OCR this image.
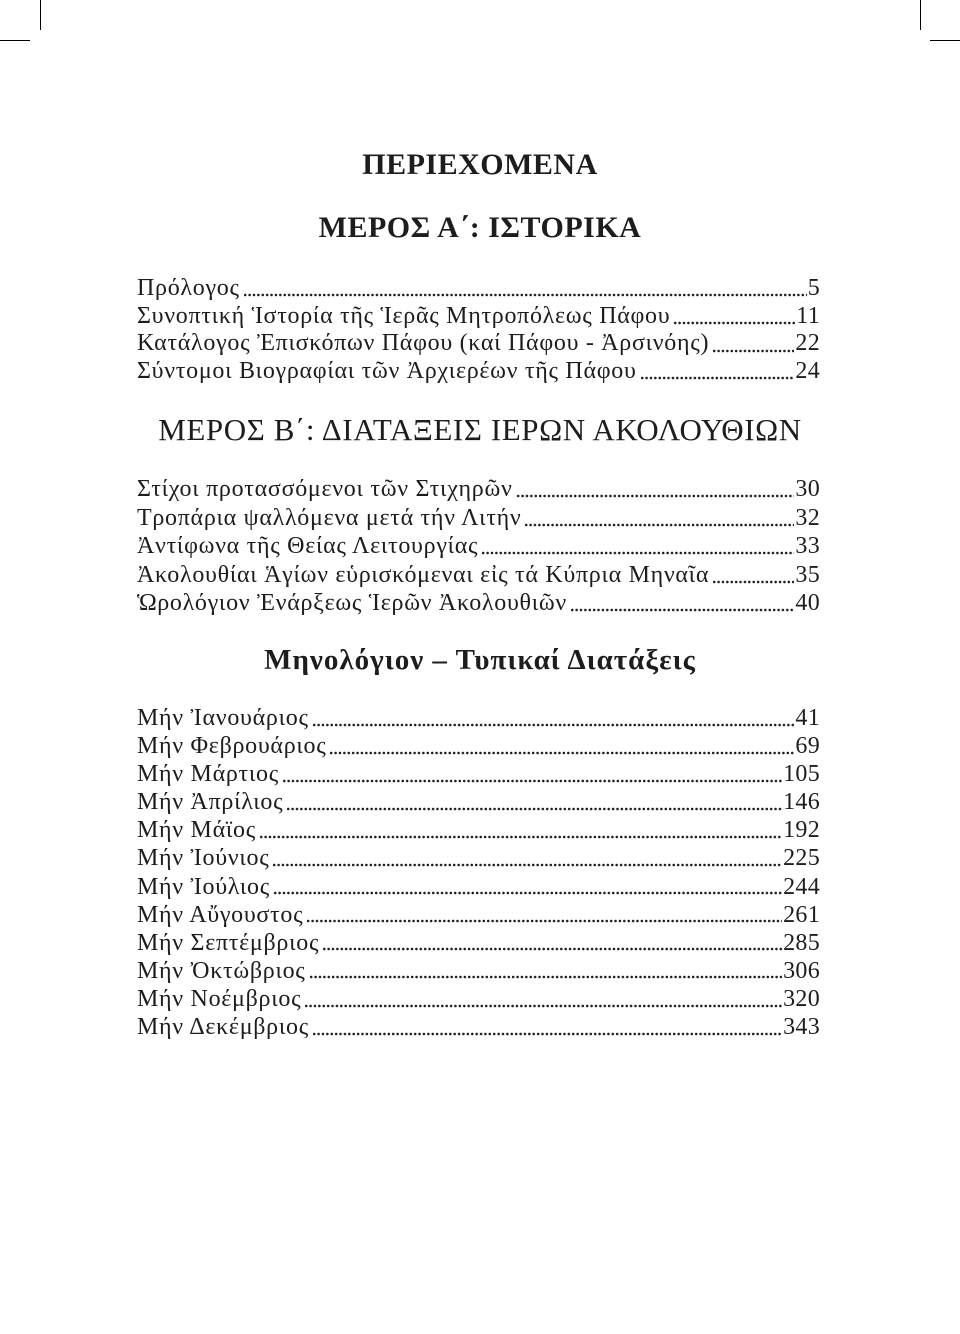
ΠΕΡΙΕΧΟΜΕΝΑ
ΜΕΡΟΣ Α΄: ΙΣΤΟΡΙΚΑ
Πρόλογος	5
Συνοπτική Ἱστορία τῆς Ἱερᾶς Μητροπόλεως Πάφου	11
Κατάλογος Ἐπισκόπων Πάφου (καί Πάφου - Ἀρσινόης)	22
Σύντομοι Βιογραφίαι τῶν Ἀρχιερέων τῆς Πάφου	24
ΜΕΡΟΣ Β΄: ΔΙΑΤΑΞΕΙΣ ΙΕΡΩΝ ΑΚΟΛΟΥΘΙΩΝ
Στίχοι προτασσόμενοι τῶν Στιχηρῶν	30
Τροπάρια ψαλλόμενα μετά τήν Λιτήν	32
Ἀντίφωνα τῆς Θείας Λειτουργίας	33
Ἀκολουθίαι Ἁγίων εὑρισκόμεναι εἰς τά Κύπρια Μηναῖα	35
Ὡρολόγιον Ἐνάρξεως Ἱερῶν Ἀκολουθιῶν	40
Μηνολόγιον – Τυπικαί Διατάξεις
Μήν Ἰανουάριος	41
Μήν Φεβρουάριος	69
Μήν Μάρτιος	105
Μήν Ἀπρίλιος	146
Μήν Μάϊος	192
Μήν Ἰούνιος	225
Μήν Ἰούλιος	244
Μήν Αὔγουστος	261
Μήν Σεπτέμβριος	285
Μήν Ὀκτώβριος	306
Μήν Νοέμβριος	320
Μήν Δεκέμβριος	343
